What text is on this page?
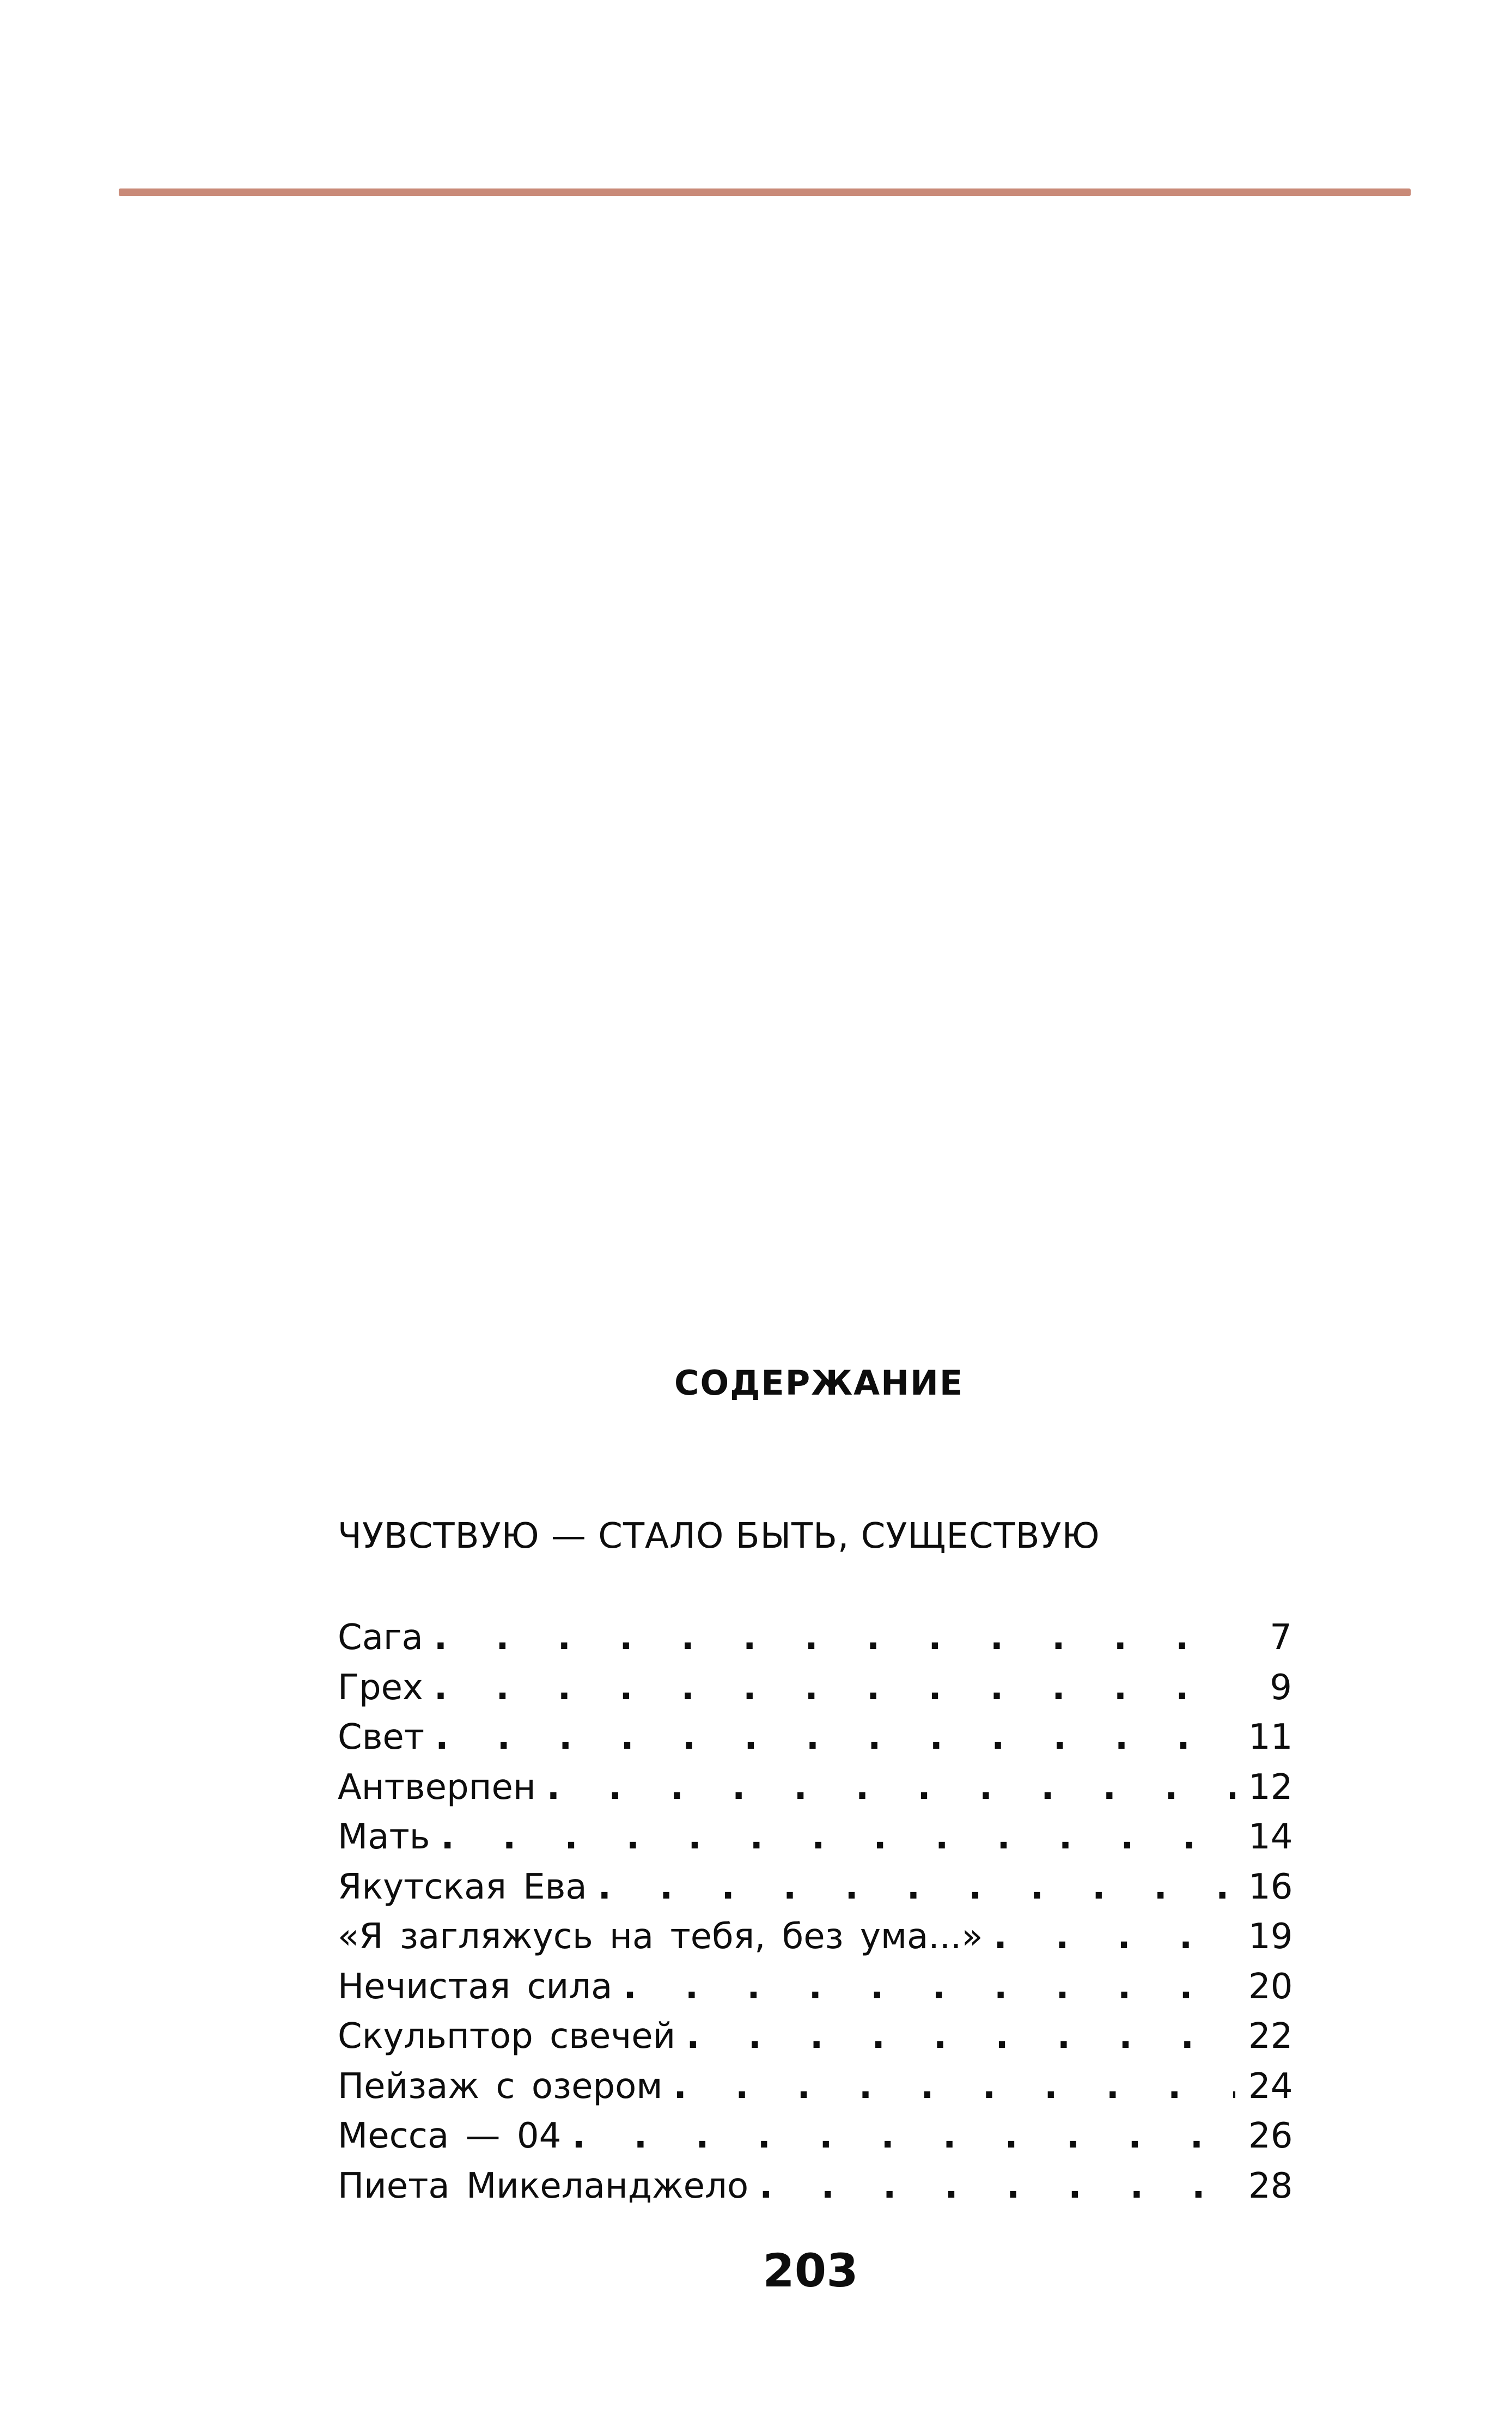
СОДЕРЖАНИЕ
ЧУВСТВУЮ — СТАЛО БЫТЬ, СУЩЕСТВУЮ
Сага .	7
Грех .	9
Свет .	11
Антверпен .	12
Мать .	14
Якутская Ева .	16
«Я загляжусь на тебя, без ума...» .	19
Нечистая сила .	20
Скульптор свечей .	22
Пейзаж с озером .	24
Месса — 04 .	26
Пиета Микеланджело .	28
203
